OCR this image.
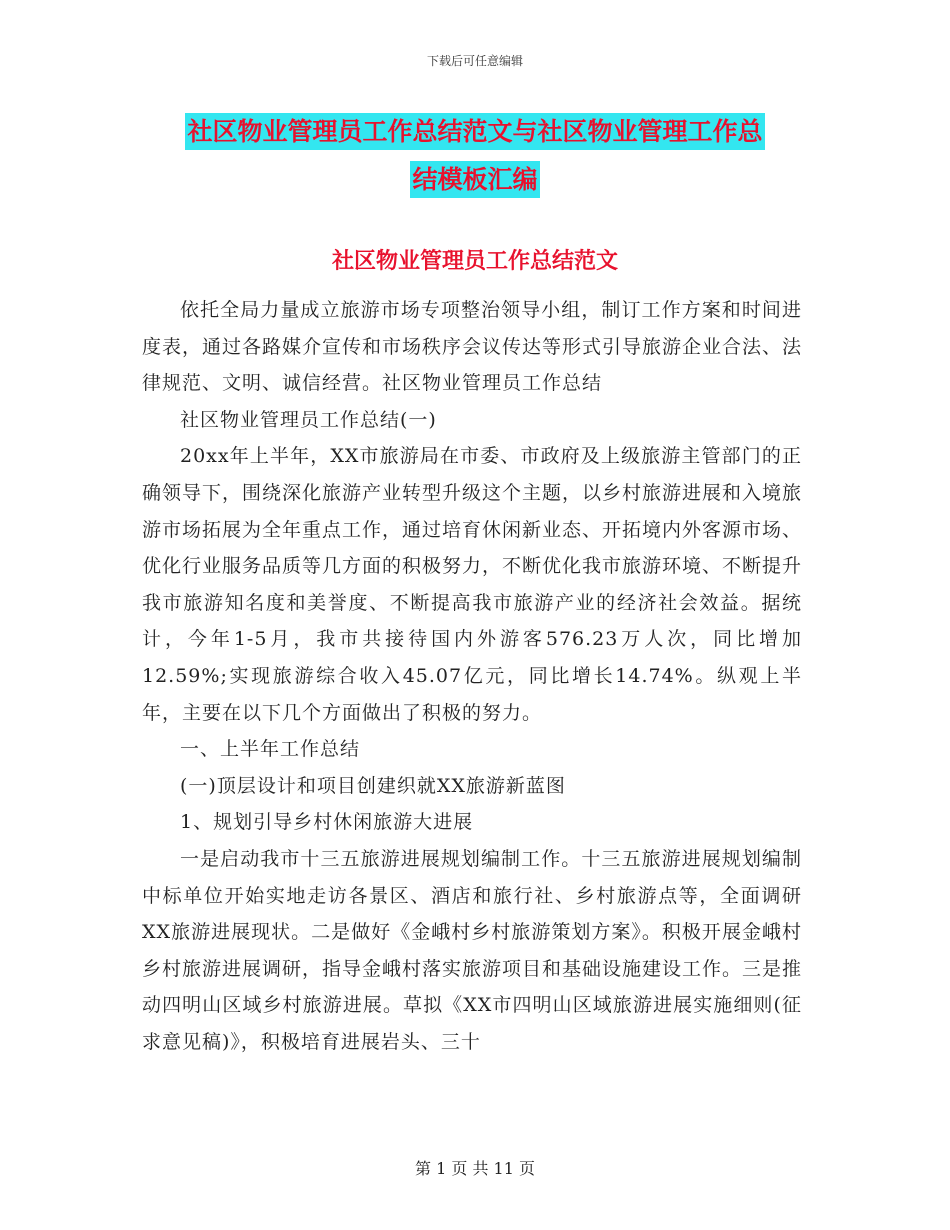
下载后可任意编辑
社区物业管理员工作总结范文与社区物业管理工作总
结模板汇编
社区物业管理员工作总结范文

依托全局力量成立旅游市场专项整治领导小组，制订工作方案和时间进度表，通过各路媒介宣传和市场秩序会议传达等形式引导旅游企业合法、法律规范、文明、诚信经营。社区物业管理员工作总结

社区物业管理员工作总结(一)

20xx年上半年，XX市旅游局在市委、市政府及上级旅游主管部门的正确领导下，围绕深化旅游产业转型升级这个主题，以乡村旅游进展和入境旅游市场拓展为全年重点工作，通过培育休闲新业态、开拓境内外客源市场、优化行业服务品质等几方面的积极努力，不断优化我市旅游环境、不断提升我市旅游知名度和美誉度、不断提高我市旅游产业的经济社会效益。据统计，今年1-5月，我市共接待国内外游客576.23万人次，同比增加12.59%;实现旅游综合收入45.07亿元，同比增长14.74%。纵观上半年，主要在以下几个方面做出了积极的努力。

一、上半年工作总结

(一)顶层设计和项目创建织就XX旅游新蓝图

1、规划引导乡村休闲旅游大进展

一是启动我市十三五旅游进展规划编制工作。十三五旅游进展规划编制中标单位开始实地走访各景区、酒店和旅行社、乡村旅游点等，全面调研XX旅游进展现状。二是做好《金峨村乡村旅游策划方案》。积极开展金峨村乡村旅游进展调研，指导金峨村落实旅游项目和基础设施建设工作。三是推动四明山区域乡村旅游进展。草拟《XX市四明山区域旅游进展实施细则(征求意见稿)》，积极培育进展岩头、三十

第 1 页 共 11 页
